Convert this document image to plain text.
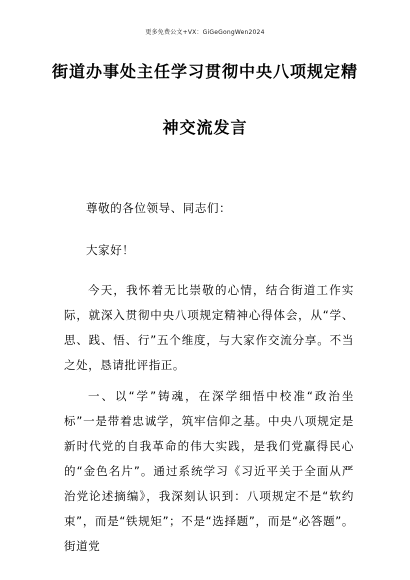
更多免费公文+VX：GiGeGongWen2024
街道办事处主任学习贯彻中央八项规定精
神交流发言

尊敬的各位领导、同志们：

大家好！

今天，我怀着无比崇敬的心情，结合街道工作实际，就深入贯彻中央八项规定精神心得体会，从“学、思、践、悟、行”五个维度，与大家作交流分享。不当之处，恳请批评指正。

一、以“学”铸魂，在深学细悟中校准“政治坐标”一是带着忠诚学，筑牢信仰之基。中央八项规定是新时代党的自我革命的伟大实践，是我们党赢得民心的“金色名片”。通过系统学习《习近平关于全面从严治党论述摘编》，我深刻认识到：八项规定不是“软约束”，而是“铁规矩”；不是“选择题”，而是“必答题”。街道党
